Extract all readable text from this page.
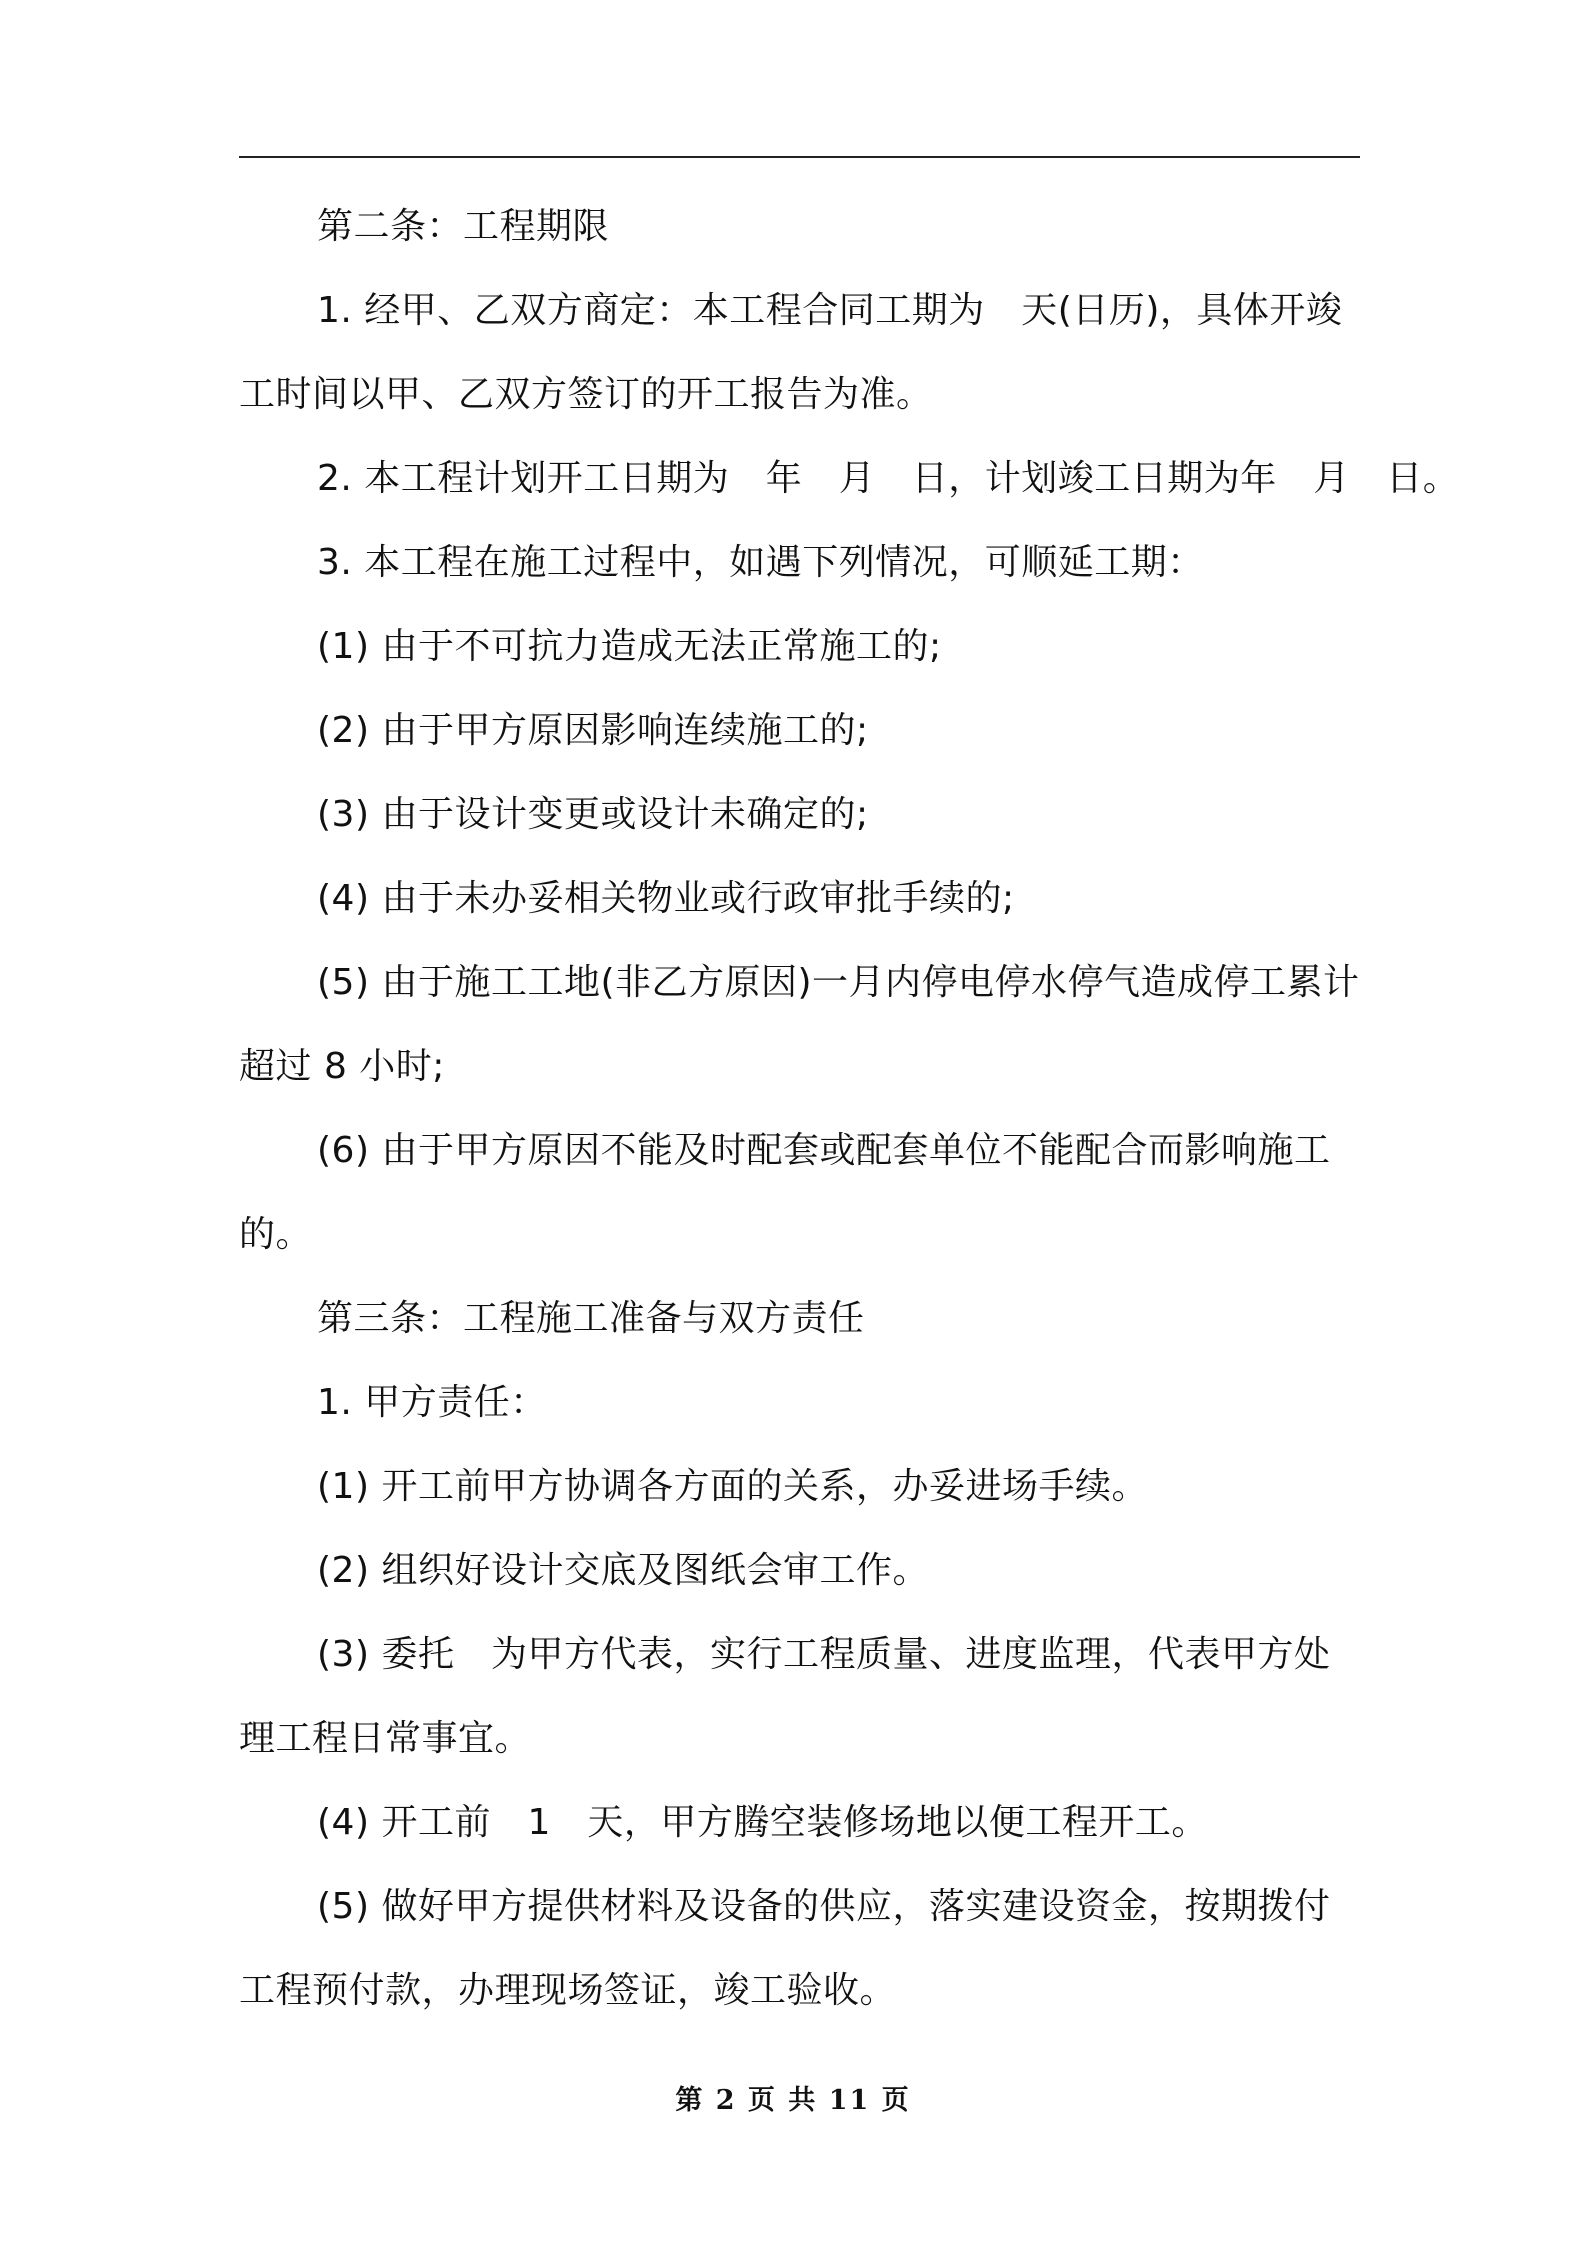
第二条：工程期限

1. 经甲、乙双方商定：本工程合同工期为　天(日历)，具体开竣工时间以甲、乙双方签订的开工报告为准。

2. 本工程计划开工日期为　年　月　日，计划竣工日期为年　月　日。

3. 本工程在施工过程中，如遇下列情况，可顺延工期：

(1) 由于不可抗力造成无法正常施工的;

(2) 由于甲方原因影响连续施工的;

(3) 由于设计变更或设计未确定的;

(4) 由于未办妥相关物业或行政审批手续的;

(5) 由于施工工地(非乙方原因)一月内停电停水停气造成停工累计超过 8 小时;

(6) 由于甲方原因不能及时配套或配套单位不能配合而影响施工的。

第三条：工程施工准备与双方责任

1. 甲方责任：

(1) 开工前甲方协调各方面的关系，办妥进场手续。

(2) 组织好设计交底及图纸会审工作。

(3) 委托　为甲方代表，实行工程质量、进度监理，代表甲方处理工程日常事宜。

(4) 开工前　1　天，甲方腾空装修场地以便工程开工。

(5) 做好甲方提供材料及设备的供应，落实建设资金，按期拨付工程预付款，办理现场签证，竣工验收。

第 2 页 共 11 页
